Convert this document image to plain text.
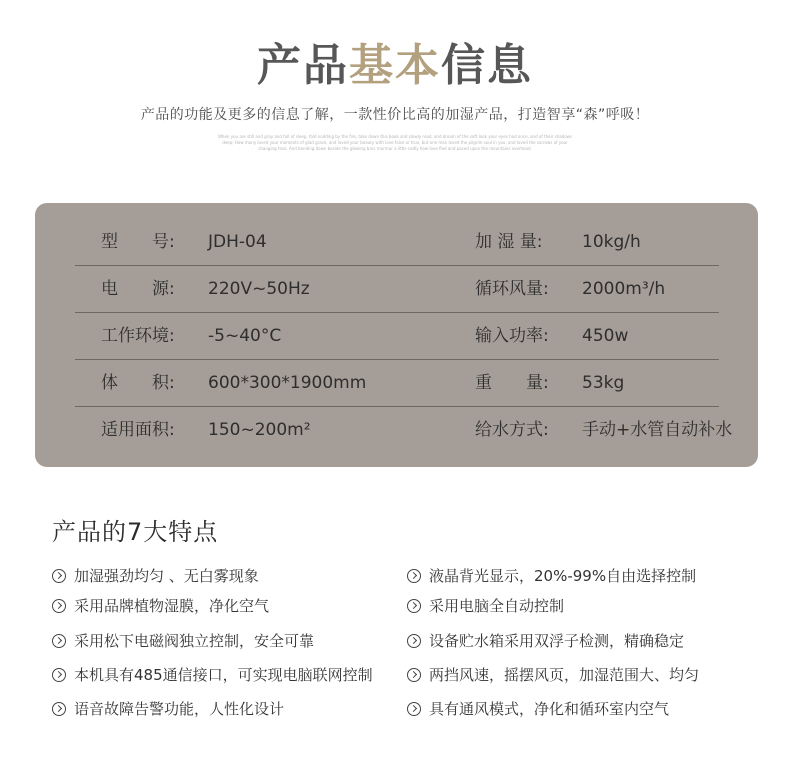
产品基本信息
产品的功能及更多的信息了解，一款性价比高的加湿产品，打造智享“森”呼吸！
When you are still and gray and full of sleep, fold nodding by the fire, take down this book and slowly read, and dream of the soft look your eyes had once, and of their shadows deep; How many loved your moments of glad grace, and loved your beauty with love false or true, but one man loved the pilgrim soul in you, and loved the sorrows of your changing face. And bending down beside the glowing bars murmur a little sadly how love fled and paced upon the mountains overhead.
型　　号:	JDH-04	加 湿 量:	10kg/h
电　　源:	220V~50Hz	循环风量:	2000m³/h
工作环境:	-5~40°C	输入功率:	450w
体　　积:	600*300*1900mm	重　　量:	53kg
适用面积:	150~200m²	给水方式:	手动+水管自动补水
产品的7大特点
加湿强劲均匀 、无白雾现象
采用品牌植物湿膜，净化空气
采用松下电磁阀独立控制，安全可靠
本机具有485通信接口，可实现电脑联网控制
语音故障告警功能，人性化设计
液晶背光显示，20%-99%自由选择控制
采用电脑全自动控制
设备贮水箱采用双浮子检测，精确稳定
两挡风速，摇摆风页，加湿范围大、均匀
具有通风模式，净化和循环室内空气
